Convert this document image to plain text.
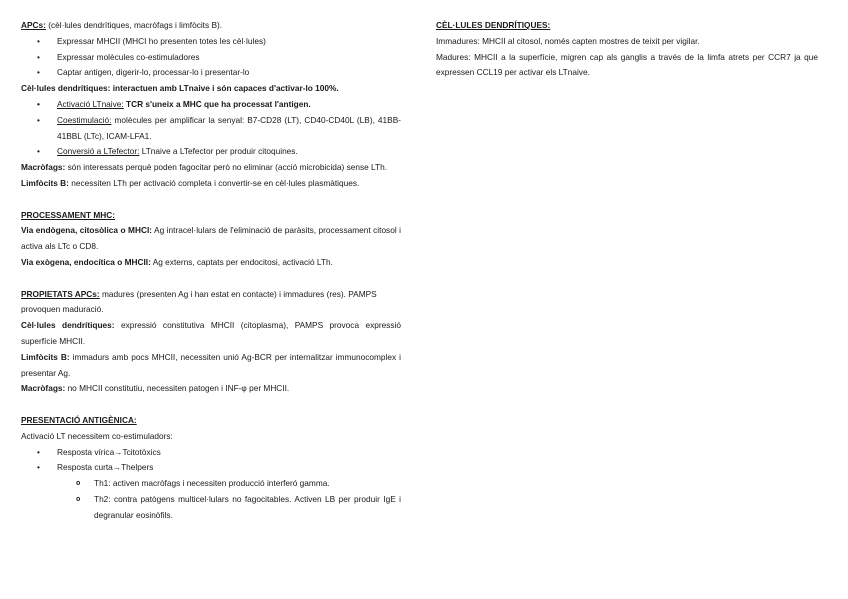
APCs: (cèl·lules dendrítiques, macròfags i limfòcits B).

• Expressar MHCII (MHCI ho presenten totes les cèl·lules)
• Expressar molècules co-estimuladores
• Captar antigen, digerir-lo, processar-lo i presentar-lo

Cèl·lules dendrítiques: interactuen amb LTnaive i són capaces d'activar-lo 100%.

• Activació LTnaive: TCR s'uneix a MHC que ha processat l'antigen.
• Coestimulació: molècules per amplificar la senyal: B7-CD28 (LT), CD40-CD40L (LB), 41BB-41BBL (LTc), ICAM-LFA1.
• Conversió a LTefector: LTnaive a LTefector per produir citoquines.

Macròfags: són interessats perquè poden fagocitar però no eliminar (acció microbicida) sense LTh.

Limfòcits B: necessiten LTh per activació completa i convertir-se en cèl·lules plasmàtiques.

PROCESSAMENT MHC:

Via endògena, citosòlica o MHCI: Ag intracel·lulars de l'eliminació de paràsits, processament citosol i activa als LTc o CD8.

Via exògena, endocítica o MHCII: Ag externs, captats per endocitosi, activació LTh.

PROPIETATS APCs: madures (presenten Ag i han estat en contacte) i immadures (res). PAMPS provoquen maduració.

Cèl·lules dendrítiques: expressió constitutiva MHCII (citoplasma), PAMPS provoca expressió superfície MHCII.

Limfòcits B: immadurs amb pocs MHCII, necessiten unió Ag-BCR per internalitzar immunocomplex i presentar Ag.

Macròfags: no MHCII constitutiu, necessiten patogen i INF-φ per MHCII.

PRESENTACIÓ ANTIGÈNICA:

Activació LT necessitem co-estimuladors:

• Resposta vírica→Tcitotòxics
• Resposta curta→Thelpers
o Th1: activen macròfags i necessiten producció interferó gamma.
o Th2: contra patògens multicel·lulars no fagocitables. Activen LB per produir IgE i degranular eosinòfils.

CÈL·LULES DENDRÍTIQUES:

Immadures: MHCII al citosol, només capten mostres de teixit per vigilar.

Madures: MHCII a la superfície, migren cap als ganglis a través de la limfa atrets per CCR7 ja que expressen CCL19 per activar els LTnaive.
